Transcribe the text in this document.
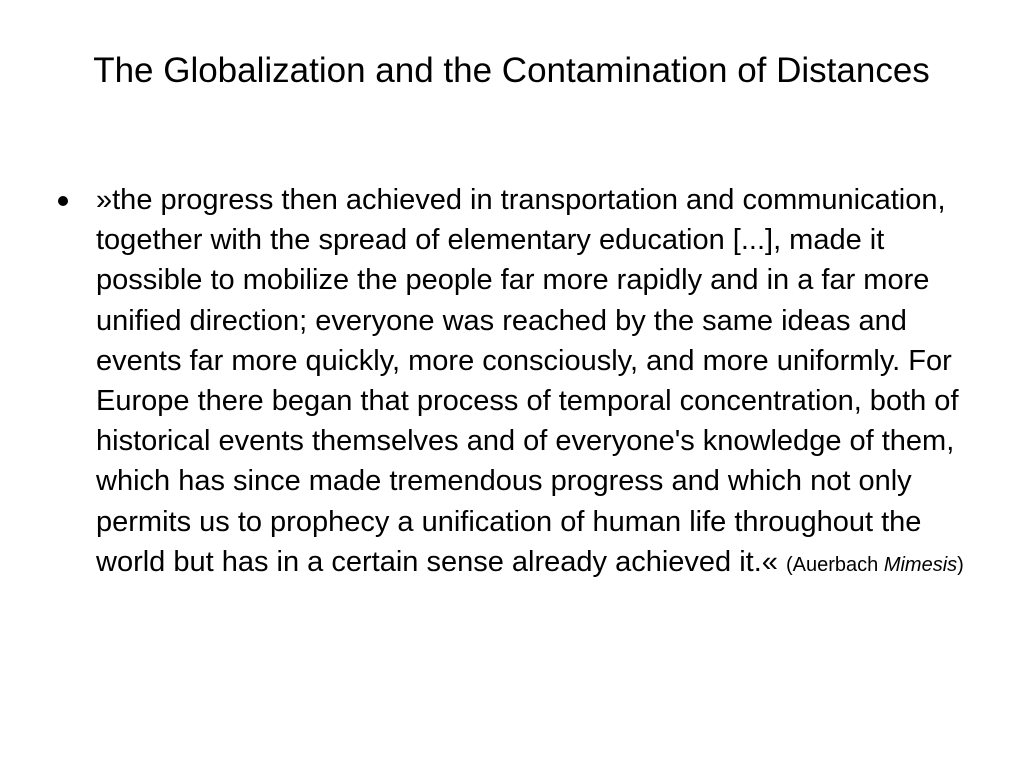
The Globalization and the Contamination of Distances
»the progress then achieved in transportation and communication, together with the spread of elementary education [...], made it possible to mobilize the people far more rapidly and in a far more unified direction; everyone was reached by the same ideas and events far more quickly, more consciously, and more uniformly. For Europe there began that process of temporal concentration, both of historical events themselves and of everyone's knowledge of them, which has since made tremendous progress and which not only permits us to prophecy a unification of human life throughout the world but has in a certain sense already achieved it.« (Auerbach Mimesis)
